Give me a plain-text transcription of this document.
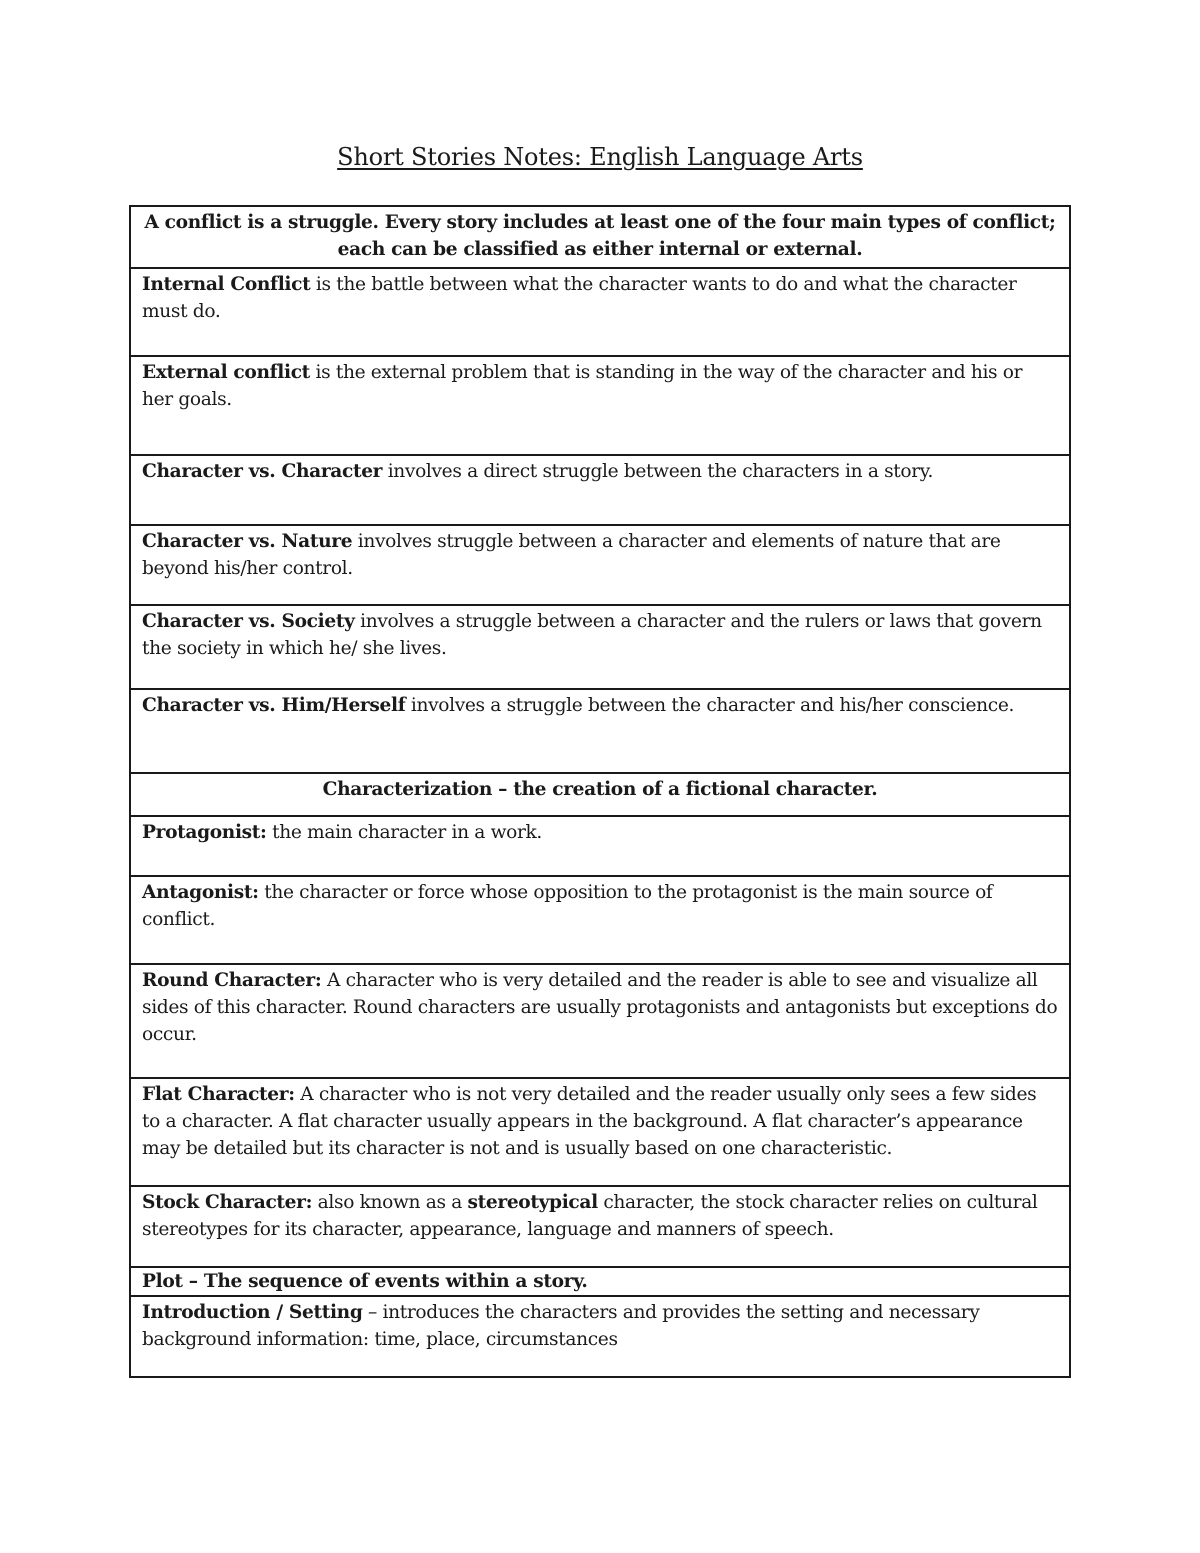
Short Stories Notes: English Language Arts
A conflict is a struggle. Every story includes at least one of the four main types of conflict; each can be classified as either internal or external.
Internal Conflict is the battle between what the character wants to do and what the character must do.
External conflict is the external problem that is standing in the way of the character and his or her goals.
Character vs. Character involves a direct struggle between the characters in a story.
Character vs. Nature involves struggle between a character and elements of nature that are beyond his/her control.
Character vs. Society involves a struggle between a character and the rulers or laws that govern the society in which he/ she lives.
Character vs. Him/Herself involves a struggle between the character and his/her conscience.
Characterization – the creation of a fictional character.
Protagonist: the main character in a work.
Antagonist: the character or force whose opposition to the protagonist is the main source of conflict.
Round Character: A character who is very detailed and the reader is able to see and visualize all sides of this character. Round characters are usually protagonists and antagonists but exceptions do occur.
Flat Character: A character who is not very detailed and the reader usually only sees a few sides to a character. A flat character usually appears in the background. A flat character’s appearance may be detailed but its character is not and is usually based on one characteristic.
Stock Character: also known as a stereotypical character, the stock character relies on cultural stereotypes for its character, appearance, language and manners of speech.
Plot – The sequence of events within a story.
Introduction / Setting – introduces the characters and provides the setting and necessary background information: time, place, circumstances
